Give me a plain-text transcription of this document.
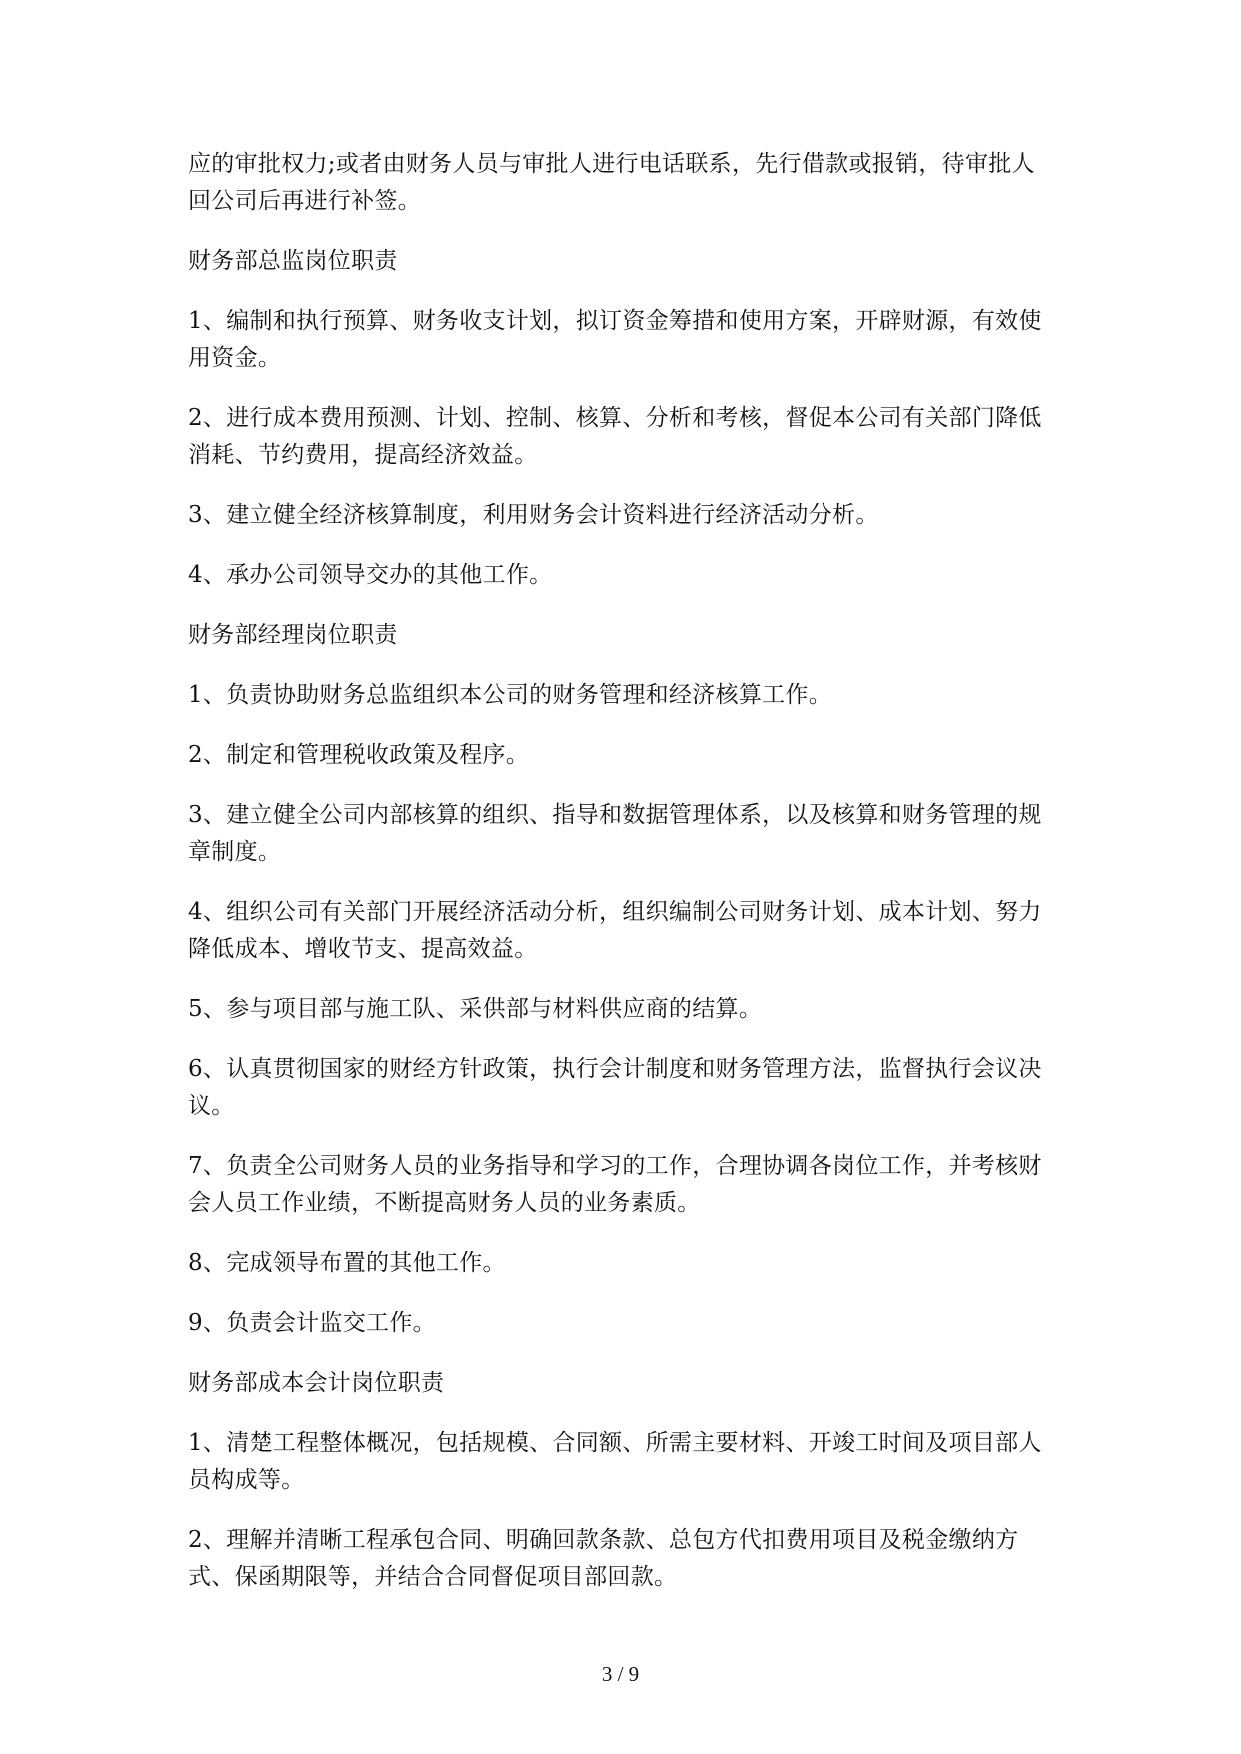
应的审批权力;或者由财务人员与审批人进行电话联系，先行借款或报销，待审批人回公司后再进行补签。

财务部总监岗位职责

1、编制和执行预算、财务收支计划，拟订资金筹措和使用方案，开辟财源，有效使用资金。

2、进行成本费用预测、计划、控制、核算、分析和考核，督促本公司有关部门降低消耗、节约费用，提高经济效益。

3、建立健全经济核算制度，利用财务会计资料进行经济活动分析。

4、承办公司领导交办的其他工作。

财务部经理岗位职责

1、负责协助财务总监组织本公司的财务管理和经济核算工作。

2、制定和管理税收政策及程序。

3、建立健全公司内部核算的组织、指导和数据管理体系，以及核算和财务管理的规章制度。

4、组织公司有关部门开展经济活动分析，组织编制公司财务计划、成本计划、努力降低成本、增收节支、提高效益。

5、参与项目部与施工队、采供部与材料供应商的结算。

6、认真贯彻国家的财经方针政策，执行会计制度和财务管理方法，监督执行会议决议。

7、负责全公司财务人员的业务指导和学习的工作，合理协调各岗位工作，并考核财会人员工作业绩，不断提高财务人员的业务素质。

8、完成领导布置的其他工作。

9、负责会计监交工作。

财务部成本会计岗位职责

1、清楚工程整体概况，包括规模、合同额、所需主要材料、开竣工时间及项目部人员构成等。

2、理解并清晰工程承包合同、明确回款条款、总包方代扣费用项目及税金缴纳方式、保函期限等，并结合合同督促项目部回款。

3 / 9
